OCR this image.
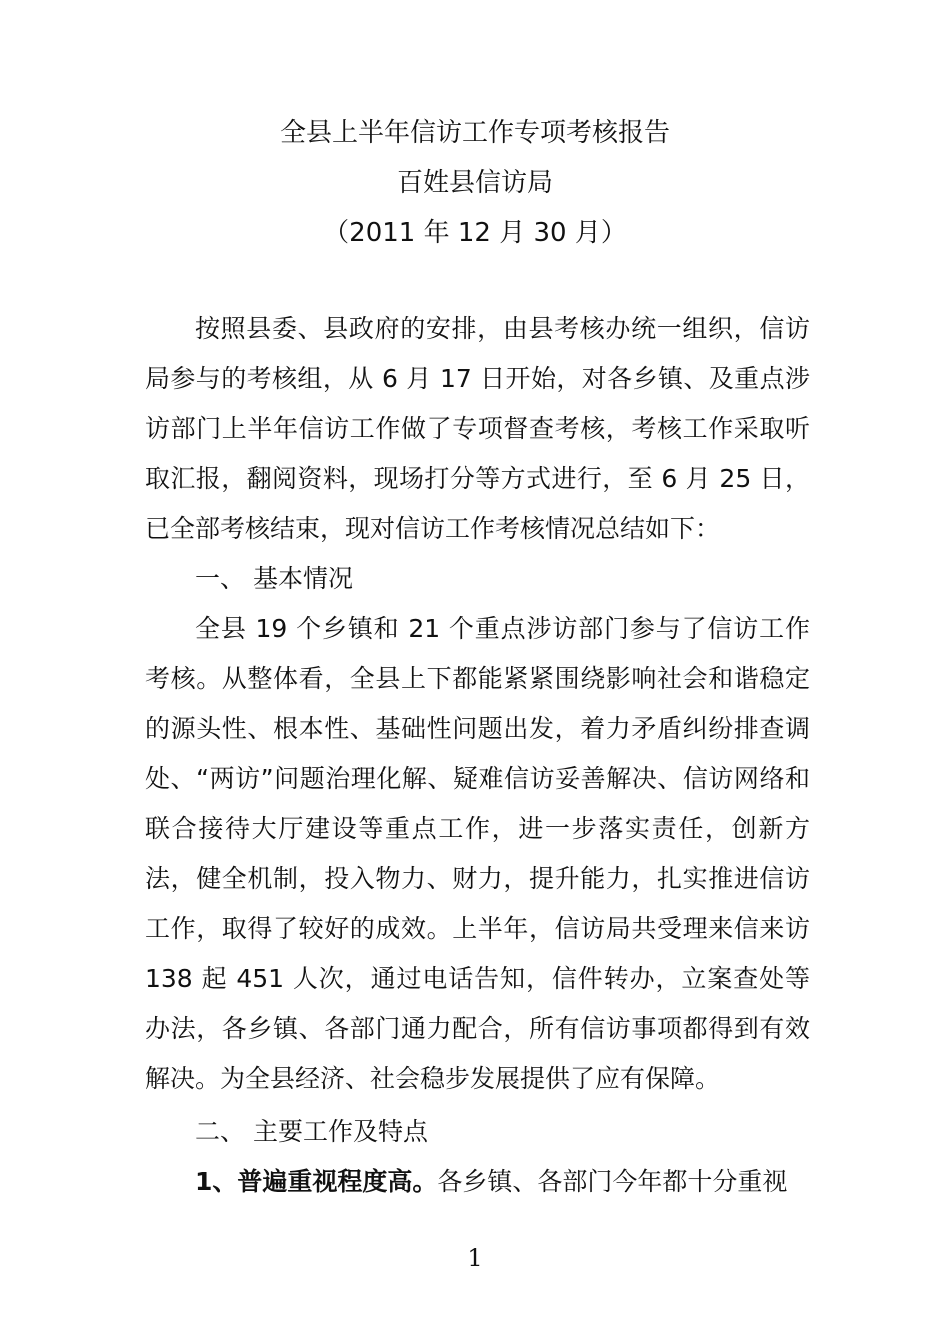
全县上半年信访工作专项考核报告
百姓县信访局
（2011 年 12 月 30 月）

按照县委、县政府的安排，由县考核办统一组织，信访局参与的考核组，从 6 月 17 日开始，对各乡镇、及重点涉访部门上半年信访工作做了专项督查考核，考核工作采取听取汇报，翻阅资料，现场打分等方式进行，至 6 月 25 日，已全部考核结束，现对信访工作考核情况总结如下：

一、 基本情况

全县 19 个乡镇和 21 个重点涉访部门参与了信访工作考核。从整体看，全县上下都能紧紧围绕影响社会和谐稳定的源头性、根本性、基础性问题出发，着力矛盾纠纷排查调处、“两访”问题治理化解、疑难信访妥善解决、信访网络和联合接待大厅建设等重点工作，进一步落实责任，创新方法，健全机制，投入物力、财力，提升能力，扎实推进信访工作，取得了较好的成效。上半年，信访局共受理来信来访 138 起 451 人次，通过电话告知，信件转办，立案查处等办法，各乡镇、各部门通力配合，所有信访事项都得到有效解决。为全县经济、社会稳步发展提供了应有保障。

二、 主要工作及特点

1、普遍重视程度高。各乡镇、各部门今年都十分重视

1
